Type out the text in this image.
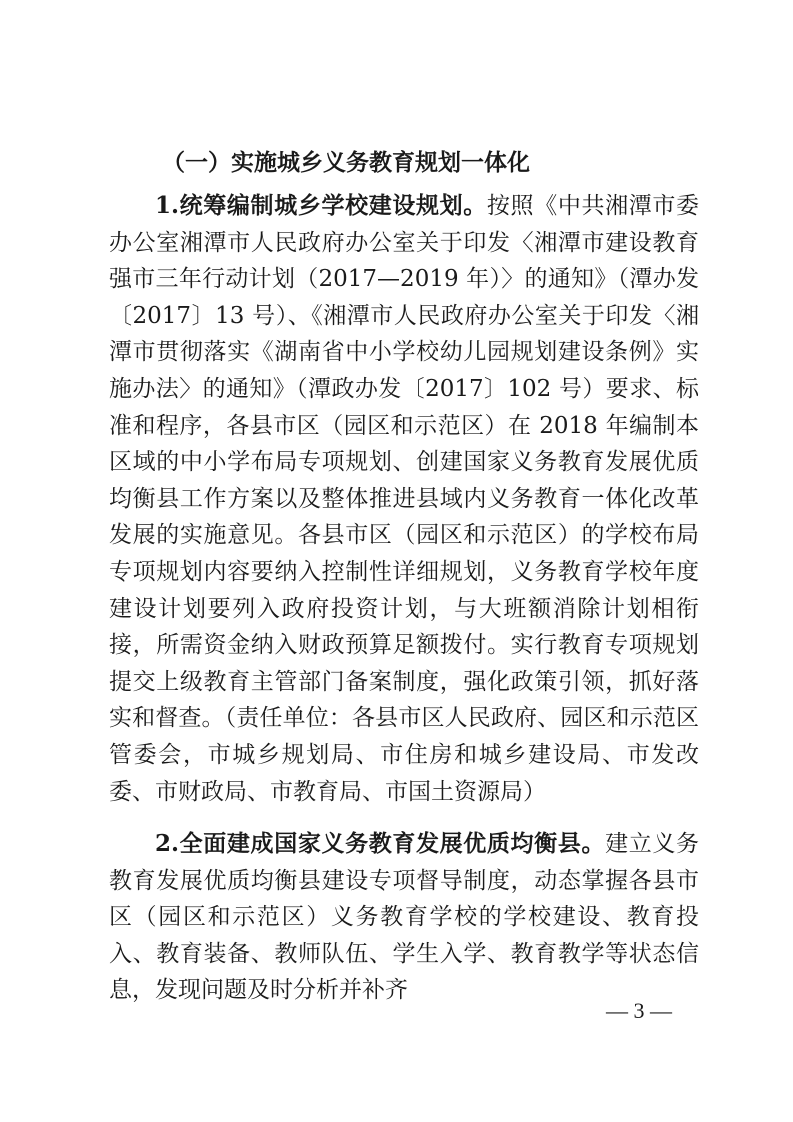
（一）实施城乡义务教育规划一体化

1.统筹编制城乡学校建设规划。按照《中共湘潭市委办公室湘潭市人民政府办公室关于印发〈湘潭市建设教育强市三年行动计划（2017—2019 年）〉的通知》（潭办发〔2017〕13 号）、《湘潭市人民政府办公室关于印发〈湘潭市贯彻落实《湖南省中小学校幼儿园规划建设条例》实施办法〉的通知》（潭政办发〔2017〕102 号）要求、标准和程序，各县市区（园区和示范区）在 2018 年编制本区域的中小学布局专项规划、创建国家义务教育发展优质均衡县工作方案以及整体推进县域内义务教育一体化改革发展的实施意见。各县市区（园区和示范区）的学校布局专项规划内容要纳入控制性详细规划，义务教育学校年度建设计划要列入政府投资计划，与大班额消除计划相衔接，所需资金纳入财政预算足额拨付。实行教育专项规划提交上级教育主管部门备案制度，强化政策引领，抓好落实和督查。（责任单位：各县市区人民政府、园区和示范区管委会，市城乡规划局、市住房和城乡建设局、市发改委、市财政局、市教育局、市国土资源局）

2.全面建成国家义务教育发展优质均衡县。建立义务教育发展优质均衡县建设专项督导制度，动态掌握各县市区（园区和示范区）义务教育学校的学校建设、教育投入、教育装备、教师队伍、学生入学、教育教学等状态信息，发现问题及时分析并补齐

— 3 —
